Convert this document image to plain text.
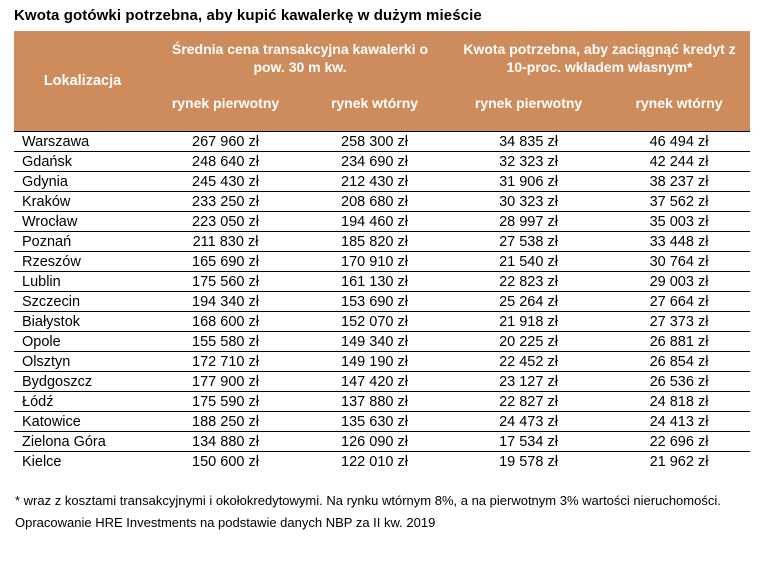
Kwota gotówki potrzebna, aby kupić kawalerkę w dużym mieście
Lokalizacja	Średnia cena transakcyjna kawalerki o pow. 30 m kw.		Kwota potrzebna, aby zaciągnąć kredyt z 10-proc. wkładem własnym*	
	rynek pierwotny	rynek wtórny	rynek pierwotny	rynek wtórny
Warszawa	267 960 zł	258 300 zł	34 835 zł	46 494 zł
Gdańsk	248 640 zł	234 690 zł	32 323 zł	42 244 zł
Gdynia	245 430 zł	212 430 zł	31 906 zł	38 237 zł
Kraków	233 250 zł	208 680 zł	30 323 zł	37 562 zł
Wrocław	223 050 zł	194 460 zł	28 997 zł	35 003 zł
Poznań	211 830 zł	185 820 zł	27 538 zł	33 448 zł
Rzeszów	165 690 zł	170 910 zł	21 540 zł	30 764 zł
Lublin	175 560 zł	161 130 zł	22 823 zł	29 003 zł
Szczecin	194 340 zł	153 690 zł	25 264 zł	27 664 zł
Białystok	168 600 zł	152 070 zł	21 918 zł	27 373 zł
Opole	155 580 zł	149 340 zł	20 225 zł	26 881 zł
Olsztyn	172 710 zł	149 190 zł	22 452 zł	26 854 zł
Bydgoszcz	177 900 zł	147 420 zł	23 127 zł	26 536 zł
Łódź	175 590 zł	137 880 zł	22 827 zł	24 818 zł
Katowice	188 250 zł	135 630 zł	24 473 zł	24 413 zł
Zielona Góra	134 880 zł	126 090 zł	17 534 zł	22 696 zł
Kielce	150 600 zł	122 010 zł	19 578 zł	21 962 zł

* wraz z kosztami transakcyjnymi i okołokredytowymi. Na rynku wtórnym 8%, a na pierwotnym 3% wartości nieruchomości.

Opracowanie HRE Investments na podstawie danych NBP za II kw. 2019
